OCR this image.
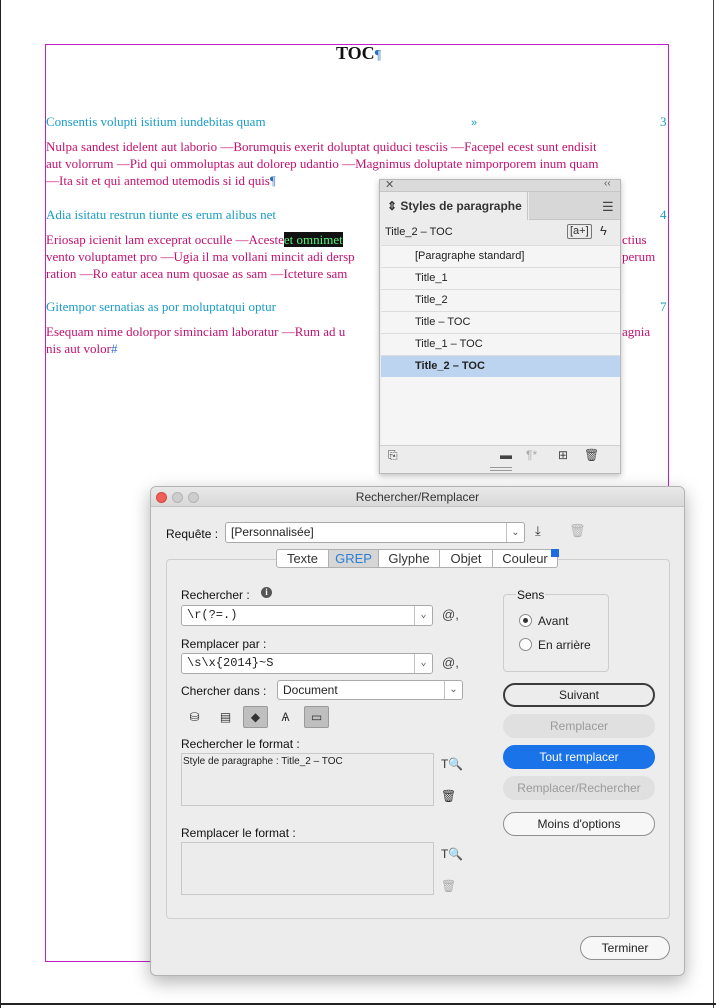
TOC¶
Consentis volupti isitium iundebitas quam	»	3
Nulpa sandest idelent aut laborio —Borumquis exerit doluptat quiduci tesciis —Facepel ecest sunt endisit
aut volorrum —Pid qui ommoluptas aut dolorep udantio —Magnimus doluptate nimporporem inum quam
—Ita sit et qui antemod utemodis si id quis¶
Adia isitatu restrun tiunte es erum alibus net	4
Eriosap icienit lam exceprat occulle —Acesteet omnimet	ctius
vento voluptamet pro —Ugia il ma vollani mincit adi dersp	perum
ration —Ro eatur acea num quosae as sam —Icteture sam
Gitempor sernatias as por moluptatqui optur	7
Esequam nime dolorpor siminciam laboratur —Rum ad u	agnia
nis aut volor#
✕	‹‹
⇕ Styles de paragraphe	☰
Title_2 – TOC	[a+] ϟ
[Paragraphe standard]
Title_1
Title_2
Title – TOC
Title_1 – TOC
Title_2 – TOC
⎘	▬ ¶* ⊞ 🗑
Rechercher/Remplacer
Requête :	[Personnalisée]	⌄	⤓ 🗑
Texte	GREP	Glyphe	Objet	Couleur
Rechercher :	i
\r(?=.)	⌄	@,
Remplacer par :
\s\x{2014}~S	⌄	@,
Chercher dans :	Document	⌄
⛁	▤	◆	Ѧ	▭
Rechercher le format :
Style de paragraphe : Title_2 – TOC	T🔍
🗑
Remplacer le format :
T🔍
🗑
Sens
Avant
En arrière
Suivant
Remplacer
Tout remplacer
Remplacer/Rechercher
Moins d'options
Terminer
